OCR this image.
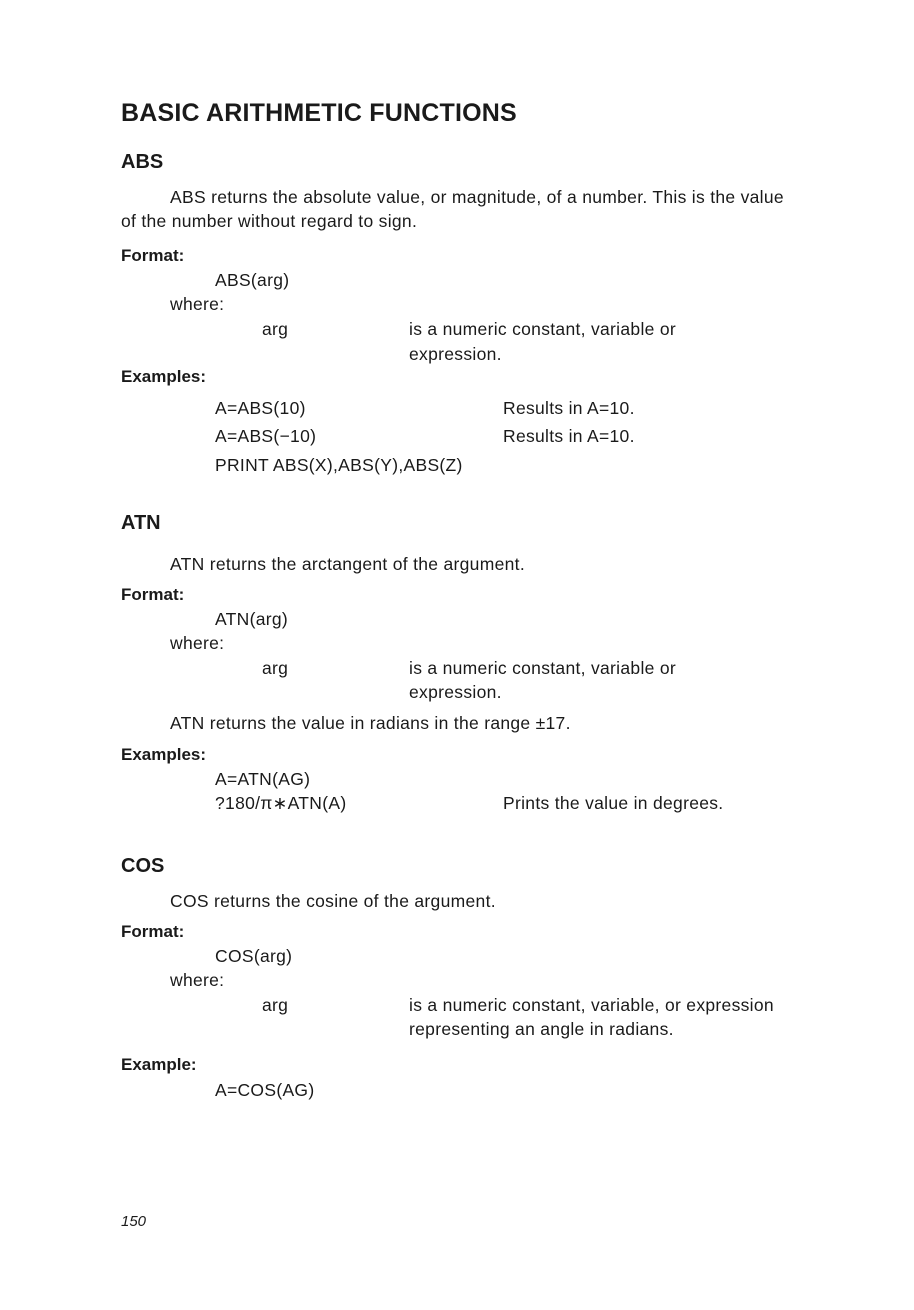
BASIC ARITHMETIC FUNCTIONS
ABS
ABS returns the absolute value, or magnitude, of a number. This is the value
of the number without regard to sign.
Format:
ABS(arg)
where:
arg	is a numeric constant, variable or
expression.
Examples:
A=ABS(10)	Results in A=10.
A=ABS(−10)	Results in A=10.
PRINT ABS(X),ABS(Y),ABS(Z)
ATN
ATN returns the arctangent of the argument.
Format:
ATN(arg)
where:
arg	is a numeric constant, variable or
expression.
ATN returns the value in radians in the range ±17.
Examples:
A=ATN(AG)
?180/π∗ATN(A)	Prints the value in degrees.
COS
COS returns the cosine of the argument.
Format:
COS(arg)
where:
arg	is a numeric constant, variable, or expression
representing an angle in radians.
Example:
A=COS(AG)
150
